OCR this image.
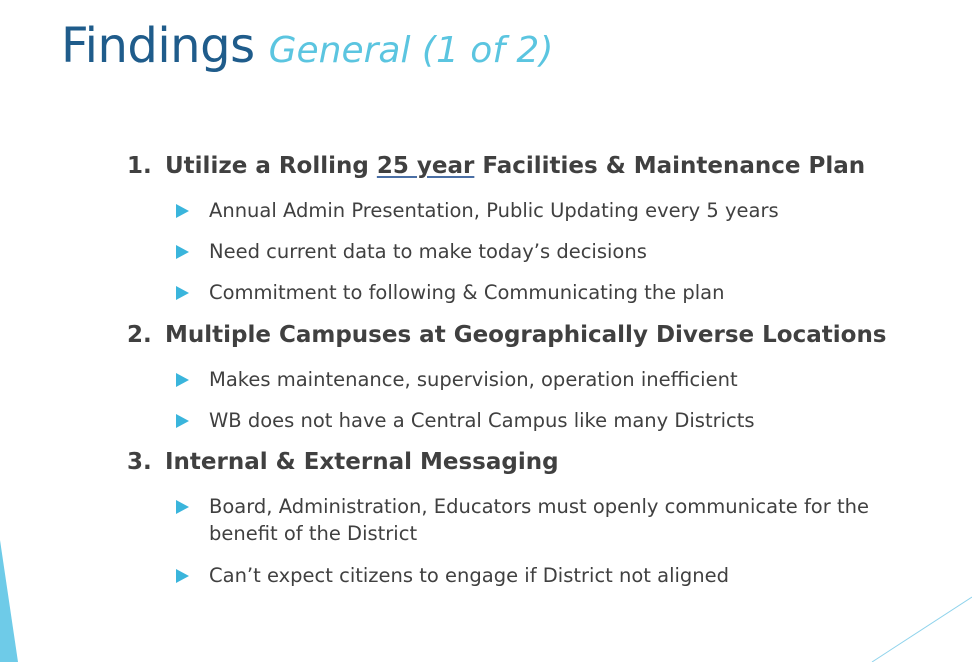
Findings General (1 of 2)
1. Utilize a Rolling 25 year Facilities & Maintenance Plan
Annual Admin Presentation, Public Updating every 5 years
Need current data to make today’s decisions
Commitment to following & Communicating the plan
2. Multiple Campuses at Geographically Diverse Locations
Makes maintenance, supervision, operation inefficient
WB does not have a Central Campus like many Districts
3. Internal & External Messaging
Board, Administration, Educators must openly communicate for the
benefit of the District
Can’t expect citizens to engage if District not aligned
